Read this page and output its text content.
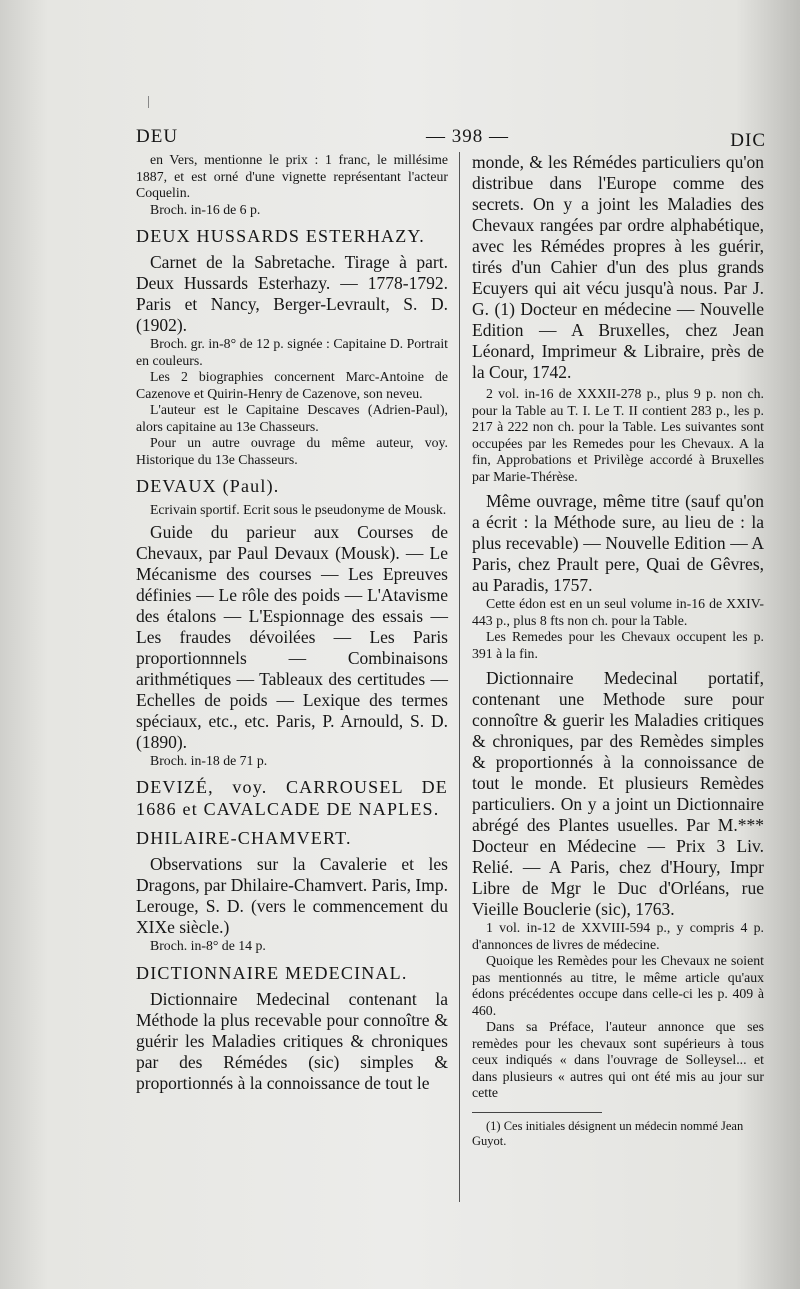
DEU	— 398 —	DIC

en Vers, mentionne le prix : 1 franc, le millésime 1887, et est orné d'une vignette représentant l'acteur Coquelin.

Broch. in-16 de 6 p.

DEUX HUSSARDS ESTERHAZY.

Carnet de la Sabretache. Tirage à part. Deux Hussards Esterhazy. — 1778-1792. Paris et Nancy, Berger-Levrault, S. D. (1902).

Broch. gr. in-8° de 12 p. signée : Capitaine D. Portrait en couleurs.

Les 2 biographies concernent Marc-Antoine de Cazenove et Quirin-Henry de Cazenove, son neveu.

L'auteur est le Capitaine Descaves (Adrien-Paul), alors capitaine au 13e Chasseurs.

Pour un autre ouvrage du même auteur, voy. Historique du 13e Chasseurs.

DEVAUX (Paul).

Ecrivain sportif. Ecrit sous le pseudonyme de Mousk.

Guide du parieur aux Courses de Chevaux, par Paul Devaux (Mousk). — Le Mécanisme des courses — Les Epreuves définies — Le rôle des poids — L'Atavisme des étalons — L'Espionnage des essais — Les fraudes dévoilées — Les Paris proportionnnels — Combinaisons arithmétiques — Tableaux des certitudes — Echelles de poids — Lexique des termes spéciaux, etc., etc. Paris, P. Arnould, S. D. (1890).

Broch. in-18 de 71 p.

DEVIZÉ, voy. CARROUSEL DE 1686 et CAVALCADE DE NAPLES.

DHILAIRE-CHAMVERT.

Observations sur la Cavalerie et les Dragons, par Dhilaire-Chamvert. Paris, Imp. Lerouge, S. D. (vers le commencement du XIXe siècle.)

Broch. in-8° de 14 p.

DICTIONNAIRE MEDECINAL.

Dictionnaire Medecinal contenant la Méthode la plus recevable pour connoître & guérir les Maladies critiques & chroniques par des Rémédes (sic) simples & proportionnés à la connoissance de tout le

monde, & les Rémédes particuliers qu'on distribue dans l'Europe comme des secrets. On y a joint les Maladies des Chevaux rangées par ordre alphabétique, avec les Rémédes propres à les guérir, tirés d'un Cahier d'un des plus grands Ecuyers qui ait vécu jusqu'à nous. Par J. G. (1) Docteur en médecine — Nouvelle Edition — A Bruxelles, chez Jean Léonard, Imprimeur & Libraire, près de la Cour, 1742.

2 vol. in-16 de XXXII-278 p., plus 9 p. non ch. pour la Table au T. I. Le T. II contient 283 p., les p. 217 à 222 non ch. pour la Table. Les suivantes sont occupées par les Remedes pour les Chevaux. A la fin, Approbations et Privilège accordé à Bruxelles par Marie-Thérèse.

Même ouvrage, même titre (sauf qu'on a écrit : la Méthode sure, au lieu de : la plus recevable) — Nouvelle Edition — A Paris, chez Prault pere, Quai de Gêvres, au Paradis, 1757.

Cette édon est en un seul volume in-16 de XXIV-443 p., plus 8 fts non ch. pour la Table.

Les Remedes pour les Chevaux occupent les p. 391 à la fin.

Dictionnaire Medecinal portatif, contenant une Methode sure pour connoître & guerir les Maladies critiques & chroniques, par des Remèdes simples & proportionnés à la connoissance de tout le monde. Et plusieurs Remèdes particuliers. On y a joint un Dictionnaire abrégé des Plantes usuelles. Par M.*** Docteur en Médecine — Prix 3 Liv. Relié. — A Paris, chez d'Houry, Impr Libre de Mgr le Duc d'Orléans, rue Vieille Bouclerie (sic), 1763.

1 vol. in-12 de XXVIII-594 p., y compris 4 p. d'annonces de livres de médecine.

Quoique les Remèdes pour les Chevaux ne soient pas mentionnés au titre, le même article qu'aux édons précédentes occupe dans celle-ci les p. 409 à 460.

Dans sa Préface, l'auteur annonce que ses remèdes pour les chevaux sont supérieurs à tous ceux indiqués « dans l'ouvrage de Solleysel... et dans plusieurs « autres qui ont été mis au jour sur cette

(1) Ces initiales désignent un médecin nommé Jean Guyot.
